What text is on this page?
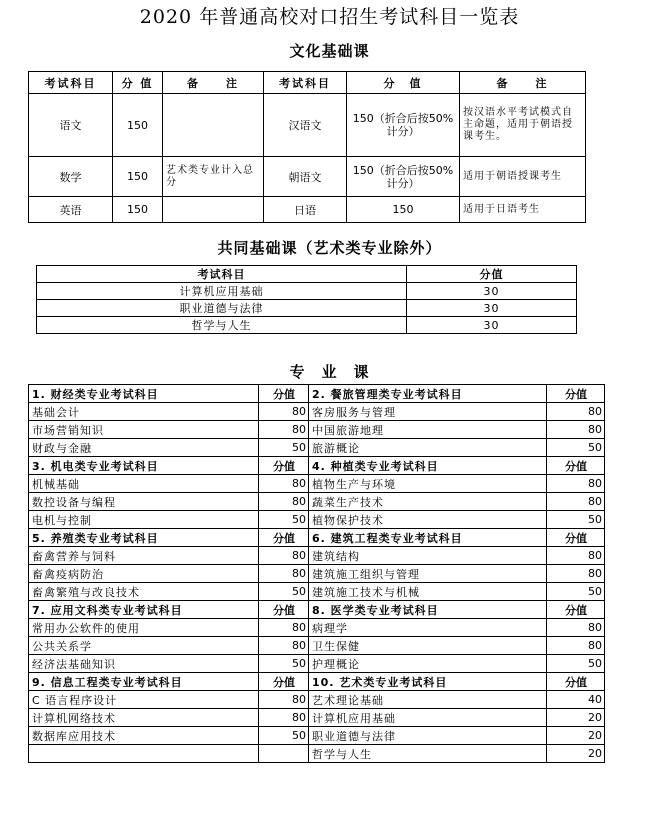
2020 年普通高校对口招生考试科目一览表
文化基础课
考试科目	分 值	备　　注	考试科目	分　值	备　　注
语文	150		汉语文	150（折合后按50%计分）	按汉语水平考试模式自主命题，适用于朝语授课考生。
数学	150	艺术类专业计入总分	朝语文	150（折合后按50%计分）	适用于朝语授课考生
英语	150		日语	150	适用于日语考生
共同基础课（艺术类专业除外）
考试科目	分值
计算机应用基础	30
职业道德与法律	30
哲学与人生	30
专　业　课
1. 财经类专业考试科目	分值	2. 餐旅管理类专业考试科目	分值
基础会计	80	客房服务与管理	80
市场营销知识	80	中国旅游地理	80
财政与金融	50	旅游概论	50
3. 机电类专业考试科目	分值	4. 种植类专业考试科目	分值
机械基础	80	植物生产与环境	80
数控设备与编程	80	蔬菜生产技术	80
电机与控制	50	植物保护技术	50
5. 养殖类专业考试科目	分值	6. 建筑工程类专业考试科目	分值
畜禽营养与饲料	80	建筑结构	80
畜禽疫病防治	80	建筑施工组织与管理	80
畜禽繁殖与改良技术	50	建筑施工技术与机械	50
7. 应用文科类专业考试科目	分值	8. 医学类专业考试科目	分值
常用办公软件的使用	80	病理学	80
公共关系学	80	卫生保健	80
经济法基础知识	50	护理概论	50
9. 信息工程类专业考试科目	分值	10. 艺术类专业考试科目	分值
C 语言程序设计	80	艺术理论基础	40
计算机网络技术	80	计算机应用基础	20
数据库应用技术	50	职业道德与法律	20
		哲学与人生	20
